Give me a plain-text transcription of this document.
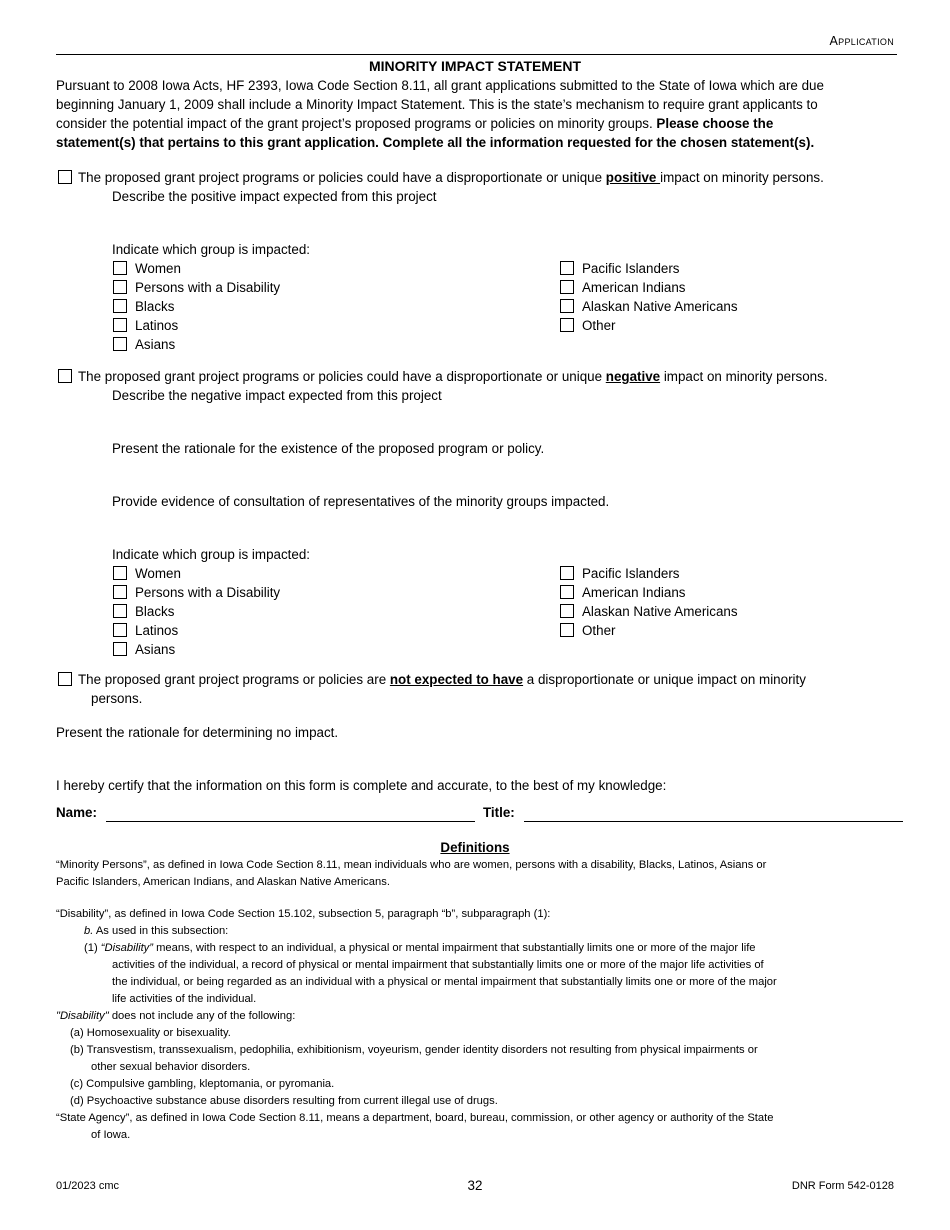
Application
MINORITY IMPACT STATEMENT
Pursuant to 2008 Iowa Acts, HF 2393, Iowa Code Section 8.11, all grant applications submitted to the State of Iowa which are due
beginning January 1, 2009 shall include a Minority Impact Statement. This is the state’s mechanism to require grant applicants to
consider the potential impact of the grant project’s proposed programs or policies on minority groups. Please choose the
statement(s) that pertains to this grant application. Complete all the information requested for the chosen statement(s).
The proposed grant project programs or policies could have a disproportionate or unique positive impact on minority persons.
Describe the positive impact expected from this project
Indicate which group is impacted:
Women
Persons with a Disability
Blacks
Latinos
Asians
Pacific Islanders
American Indians
Alaskan Native Americans
Other
The proposed grant project programs or policies could have a disproportionate or unique negative impact on minority persons.
Describe the negative impact expected from this project
Present the rationale for the existence of the proposed program or policy.
Provide evidence of consultation of representatives of the minority groups impacted.
Indicate which group is impacted:
Women
Persons with a Disability
Blacks
Latinos
Asians
Pacific Islanders
American Indians
Alaskan Native Americans
Other
The proposed grant project programs or policies are not expected to have a disproportionate or unique impact on minority
persons.
Present the rationale for determining no impact.
I hereby certify that the information on this form is complete and accurate, to the best of my knowledge:
Name:	Title:
Definitions
“Minority Persons”, as defined in Iowa Code Section 8.11, mean individuals who are women, persons with a disability, Blacks, Latinos, Asians or
Pacific Islanders, American Indians, and Alaskan Native Americans.
“Disability”, as defined in Iowa Code Section 15.102, subsection 5, paragraph “b”, subparagraph (1):
b. As used in this subsection:
(1) “Disability” means, with respect to an individual, a physical or mental impairment that substantially limits one or more of the major life
activities of the individual, a record of physical or mental impairment that substantially limits one or more of the major life activities of
the individual, or being regarded as an individual with a physical or mental impairment that substantially limits one or more of the major
life activities of the individual.
"Disability" does not include any of the following:
(a) Homosexuality or bisexuality.
(b) Transvestism, transsexualism, pedophilia, exhibitionism, voyeurism, gender identity disorders not resulting from physical impairments or
other sexual behavior disorders.
(c) Compulsive gambling, kleptomania, or pyromania.
(d) Psychoactive substance abuse disorders resulting from current illegal use of drugs.
“State Agency”, as defined in Iowa Code Section 8.11, means a department, board, bureau, commission, or other agency or authority of the State
of Iowa.
01/2023 cmc	32	DNR Form 542-0128
